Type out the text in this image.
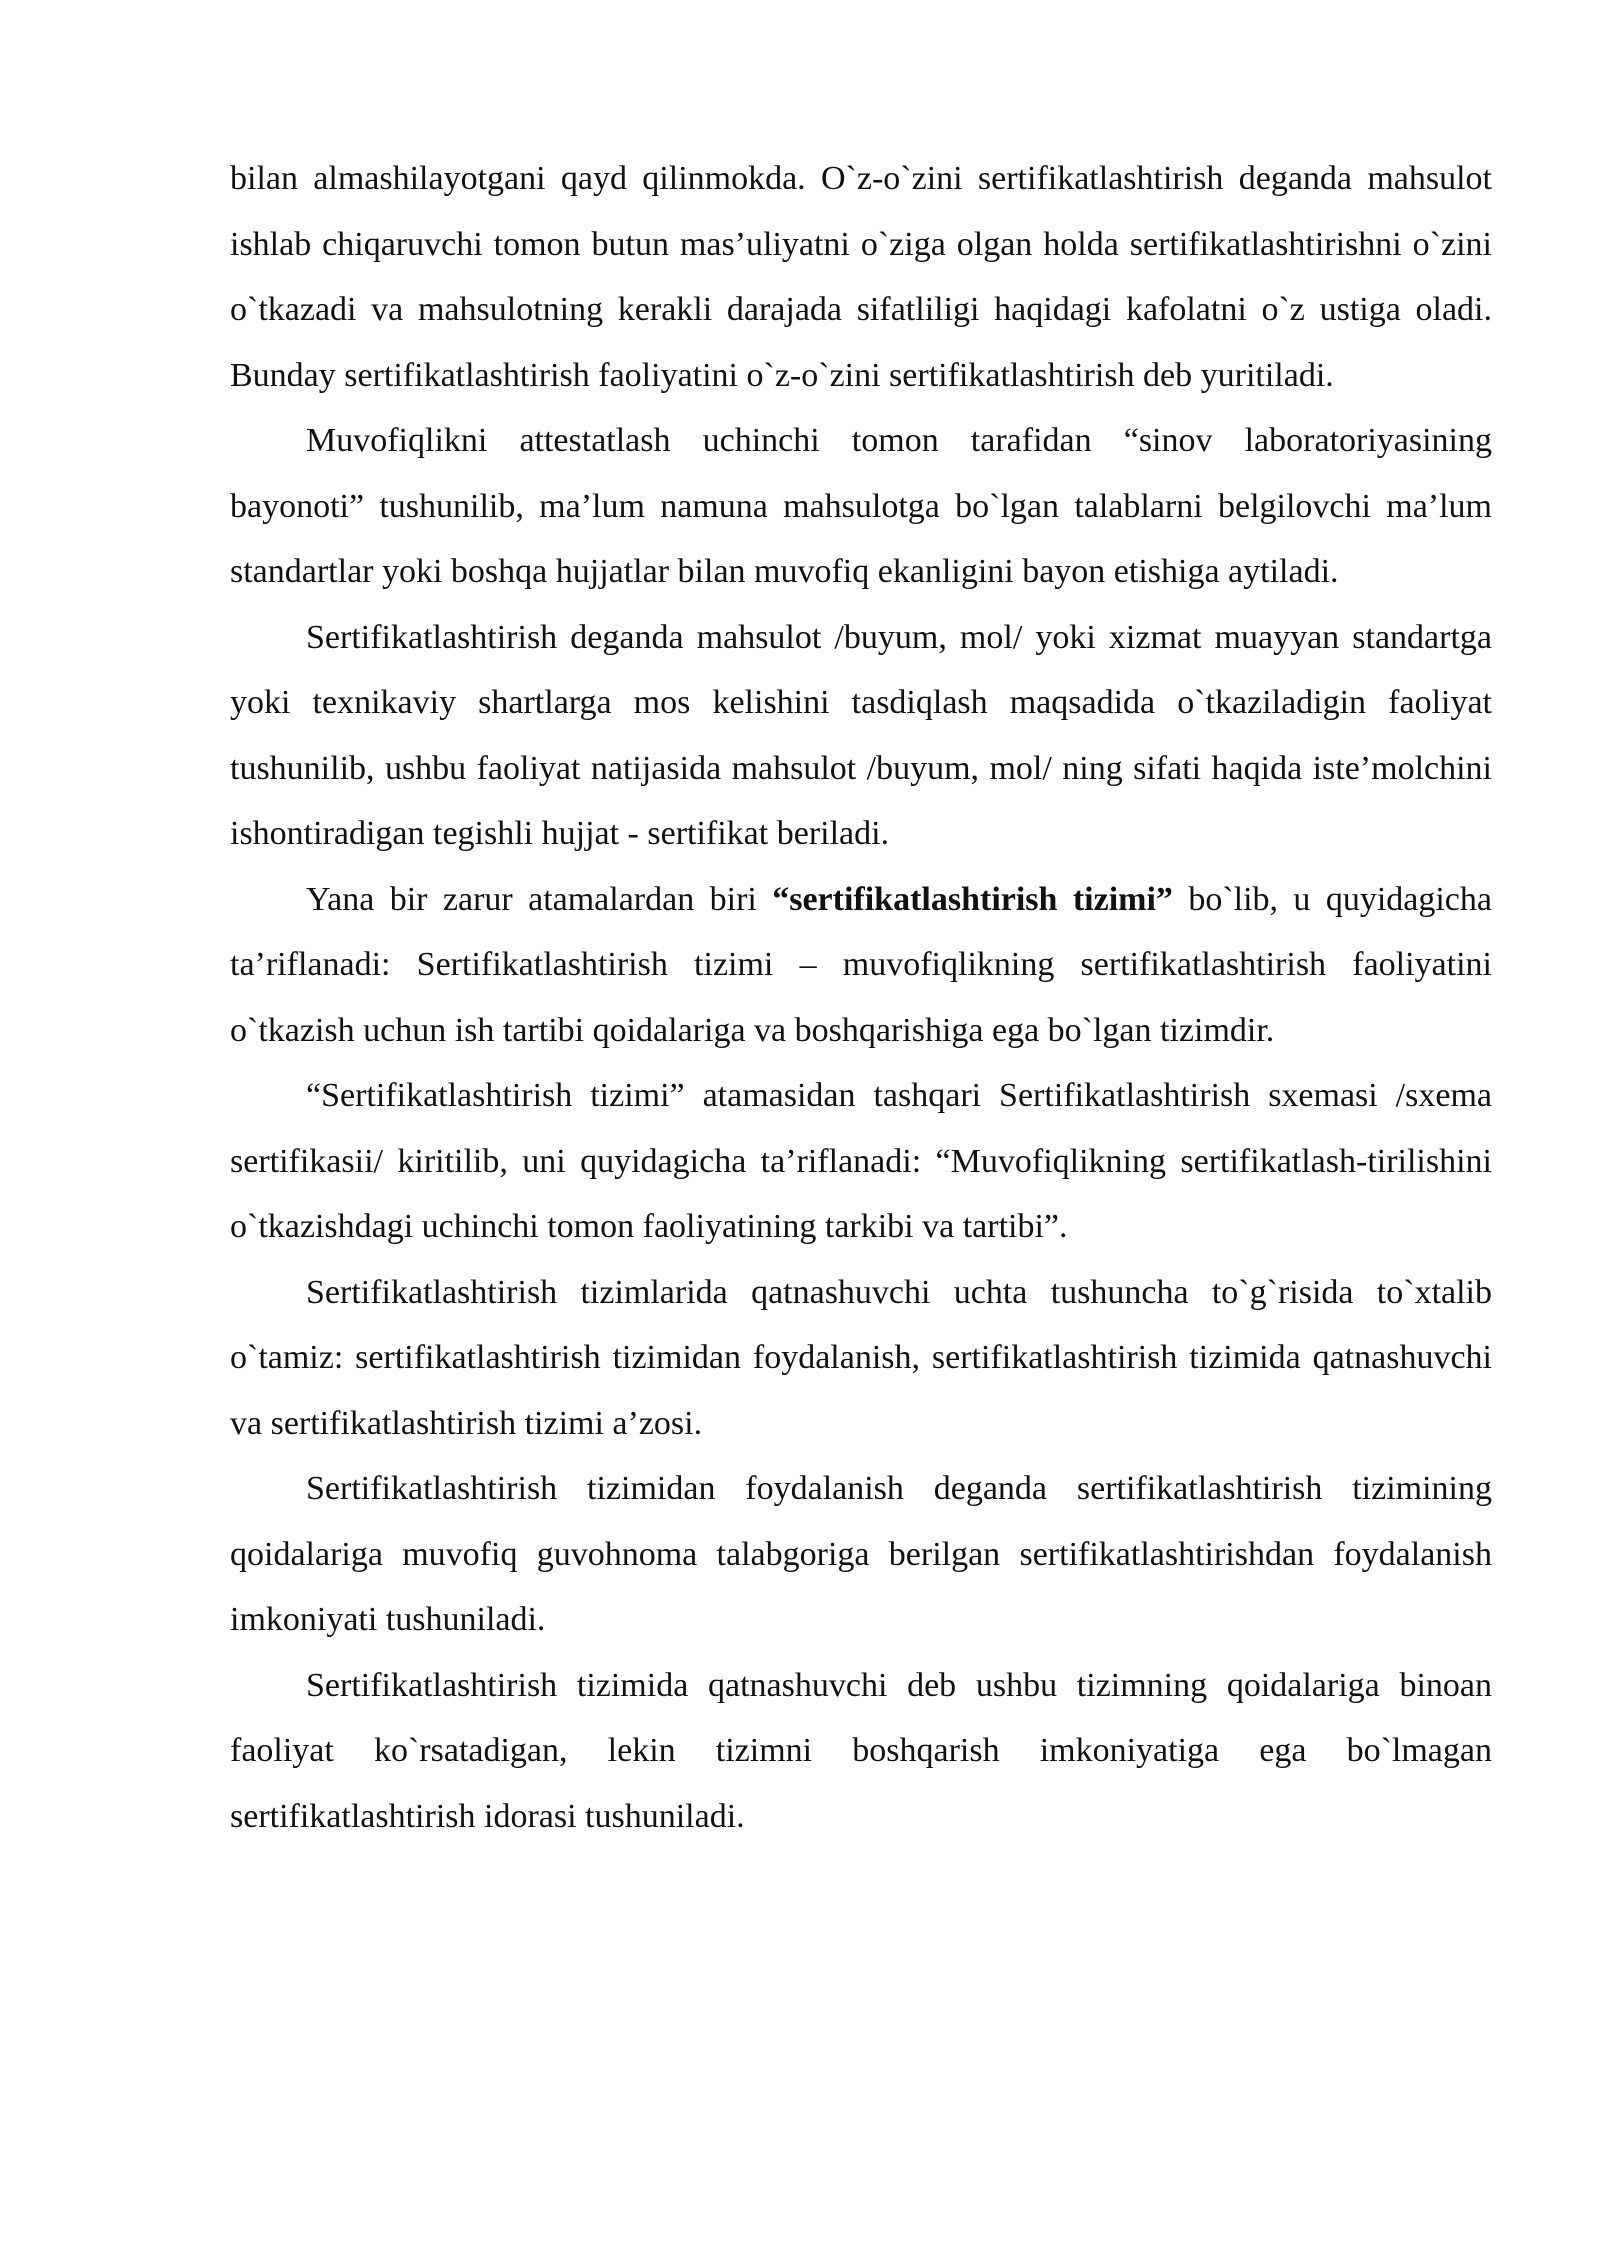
bilan almashilayotgani qayd qilinmokda. O`z-o`zini sertifikatlashtirish deganda mahsulot ishlab chiqaruvchi tomon butun mas’uliyatni o`ziga olgan holda sertifikatlashtirishni o`zini o`tkazadi va mahsulotning kerakli darajada sifatliligi haqidagi kafolatni o`z ustiga oladi. Bunday sertifikatlashtirish faoliyatini o`z-o`zini sertifikatlashtirish deb yuritiladi.

Muvofiqlikni attestatlash uchinchi tomon tarafidan “sinov laboratoriyasining bayonoti” tushunilib, ma’lum namuna mahsulotga bo`lgan talablarni belgilovchi ma’lum standartlar yoki boshqa hujjatlar bilan muvofiq ekanligini bayon etishiga aytiladi.

Sertifikatlashtirish deganda mahsulot /buyum, mol/ yoki xizmat muayyan standartga yoki texnikaviy shartlarga mos kelishini tasdiqlash maqsadida o`tkaziladigin faoliyat tushunilib, ushbu faoliyat natijasida mahsulot /buyum, mol/ ning sifati haqida iste’molchini ishontiradigan tegishli hujjat - sertifikat beriladi.

Yana bir zarur atamalardan biri “sertifikatlashtirish tizimi” bo`lib, u quyidagicha ta’riflanadi: Sertifikatlashtirish tizimi – muvofiqlikning sertifikatlashtirish faoliyatini o`tkazish uchun ish tartibi qoidalariga va boshqarishiga ega bo`lgan tizimdir.

“Sertifikatlashtirish tizimi” atamasidan tashqari Sertifikatlashtirish sxemasi /sxema sertifikasii/ kiritilib, uni quyidagicha ta’riflanadi: “Muvofiqlikning sertifikatlash-tirilishini o`tkazishdagi uchinchi tomon faoliyatining tarkibi va tartibi”.

Sertifikatlashtirish tizimlarida qatnashuvchi uchta tushuncha to`g`risida to`xtalib o`tamiz: sertifikatlashtirish tizimidan foydalanish, sertifikatlashtirish tizimida qatnashuvchi va sertifikatlashtirish tizimi a’zosi.

Sertifikatlashtirish tizimidan foydalanish deganda sertifikatlashtirish tizimining qoidalariga muvofiq guvohnoma talabgoriga berilgan sertifikatlashtirishdan foydalanish imkoniyati tushuniladi.

Sertifikatlashtirish tizimida qatnashuvchi deb ushbu tizimning qoidalariga binoan faoliyat ko`rsatadigan, lekin tizimni boshqarish imkoniyatiga ega bo`lmagan sertifikatlashtirish idorasi tushuniladi.
